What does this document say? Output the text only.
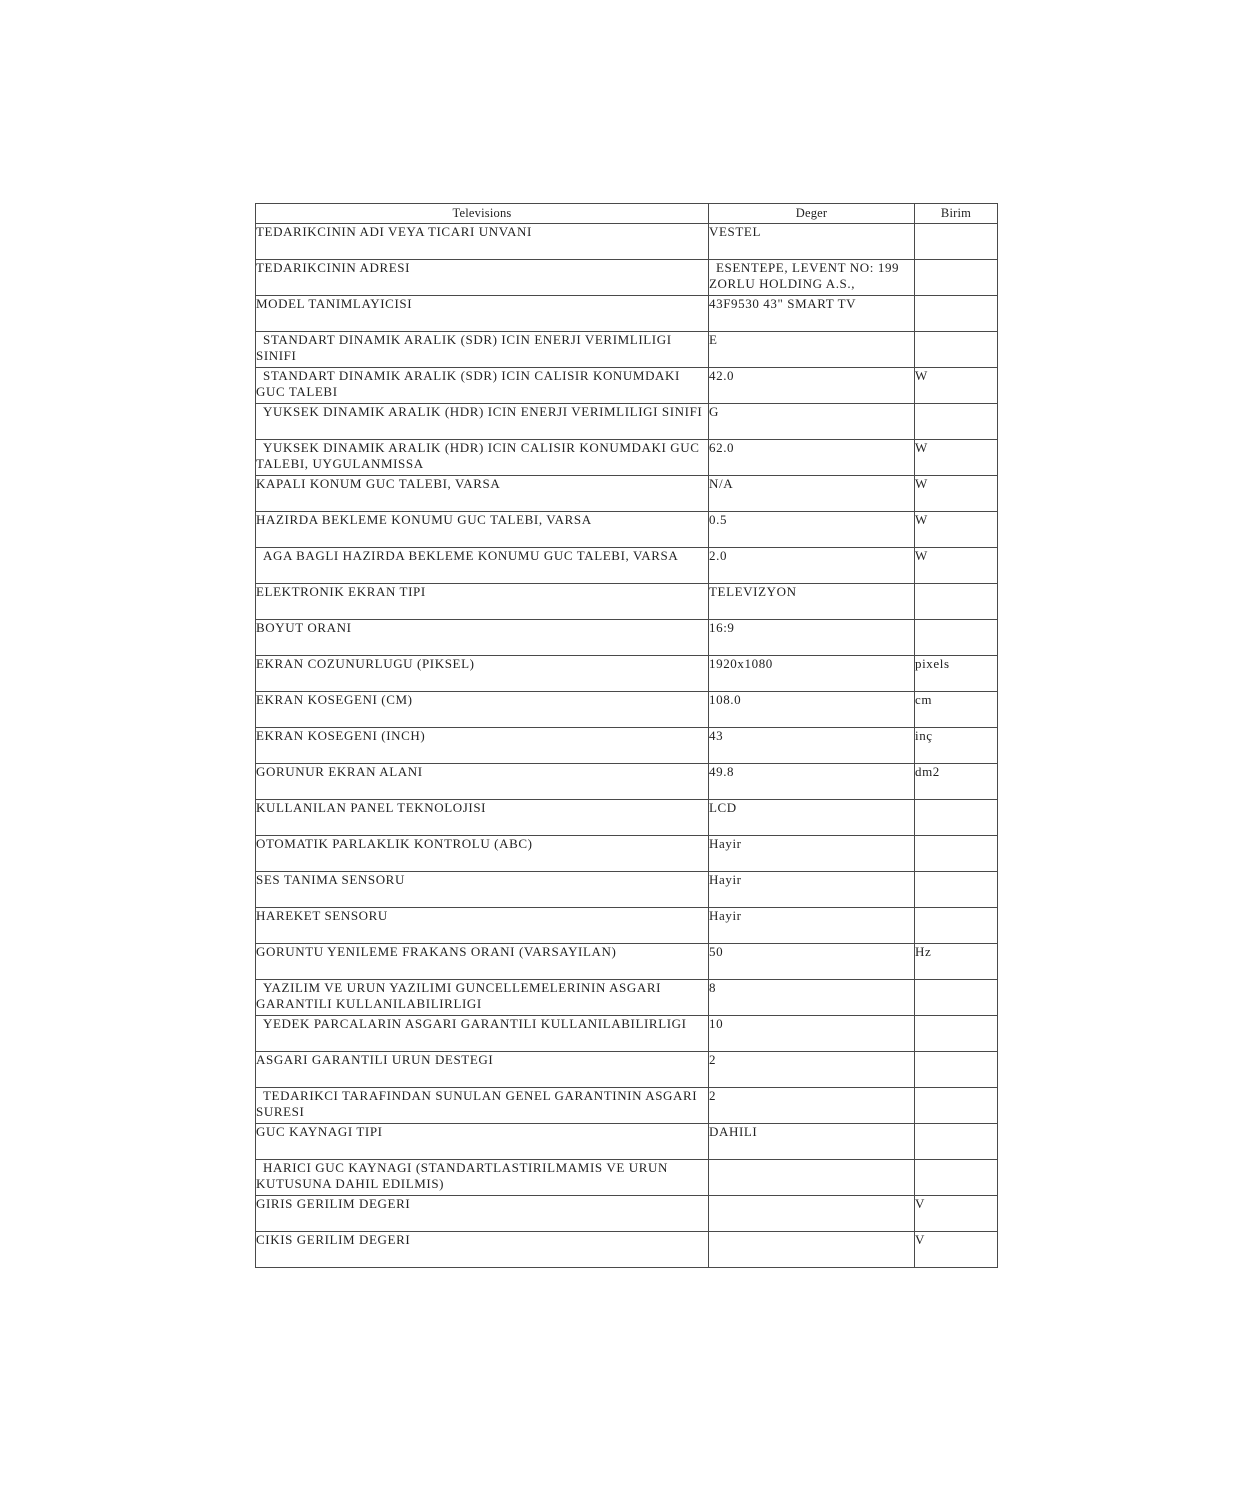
Televisions	Deger	Birim
TEDARIKCININ ADI VEYA TICARI UNVANI	VESTEL	
TEDARIKCININ ADRESI	ESENTEPE, LEVENT NO: 199 ZORLU HOLDING A.S.,	
MODEL TANIMLAYICISI	43F9530 43" SMART TV	
STANDART DINAMIK ARALIK (SDR) ICIN ENERJI VERIMLILIGI SINIFI	E	
STANDART DINAMIK ARALIK (SDR) ICIN CALISIR KONUMDAKI GUC TALEBI	42.0	W
YUKSEK DINAMIK ARALIK (HDR) ICIN ENERJI VERIMLILIGI SINIFI	G	
YUKSEK DINAMIK ARALIK (HDR) ICIN CALISIR KONUMDAKI GUC TALEBI, UYGULANMISSA	62.0	W
KAPALI KONUM GUC TALEBI, VARSA	N/A	W
HAZIRDA BEKLEME KONUMU GUC TALEBI, VARSA	0.5	W
AGA BAGLI HAZIRDA BEKLEME KONUMU GUC TALEBI, VARSA	2.0	W
ELEKTRONIK EKRAN TIPI	TELEVIZYON	
BOYUT ORANI	16:9	
EKRAN COZUNURLUGU (PIKSEL)	1920x1080	pixels
EKRAN KOSEGENI (CM)	108.0	cm
EKRAN KOSEGENI (INCH)	43	inç
GORUNUR EKRAN ALANI	49.8	dm2
KULLANILAN PANEL TEKNOLOJISI	LCD	
OTOMATIK PARLAKLIK KONTROLU (ABC)	Hayir	
SES TANIMA SENSORU	Hayir	
HAREKET SENSORU	Hayir	
GORUNTU YENILEME FRAKANS ORANI (VARSAYILAN)	50	Hz
YAZILIM VE URUN YAZILIMI GUNCELLEMELERININ ASGARI GARANTILI KULLANILABILIRLIGI	8	
YEDEK PARCALARIN ASGARI GARANTILI KULLANILABILIRLIGI	10	
ASGARI GARANTILI URUN DESTEGI	2	
TEDARIKCI TARAFINDAN SUNULAN GENEL GARANTININ ASGARI SURESI	2	
GUC KAYNAGI TIPI	DAHILI	
HARICI GUC KAYNAGI (STANDARTLASTIRILMAMIS VE URUN KUTUSUNA DAHIL EDILMIS)		
GIRIS GERILIM DEGERI		V
CIKIS GERILIM DEGERI		V
